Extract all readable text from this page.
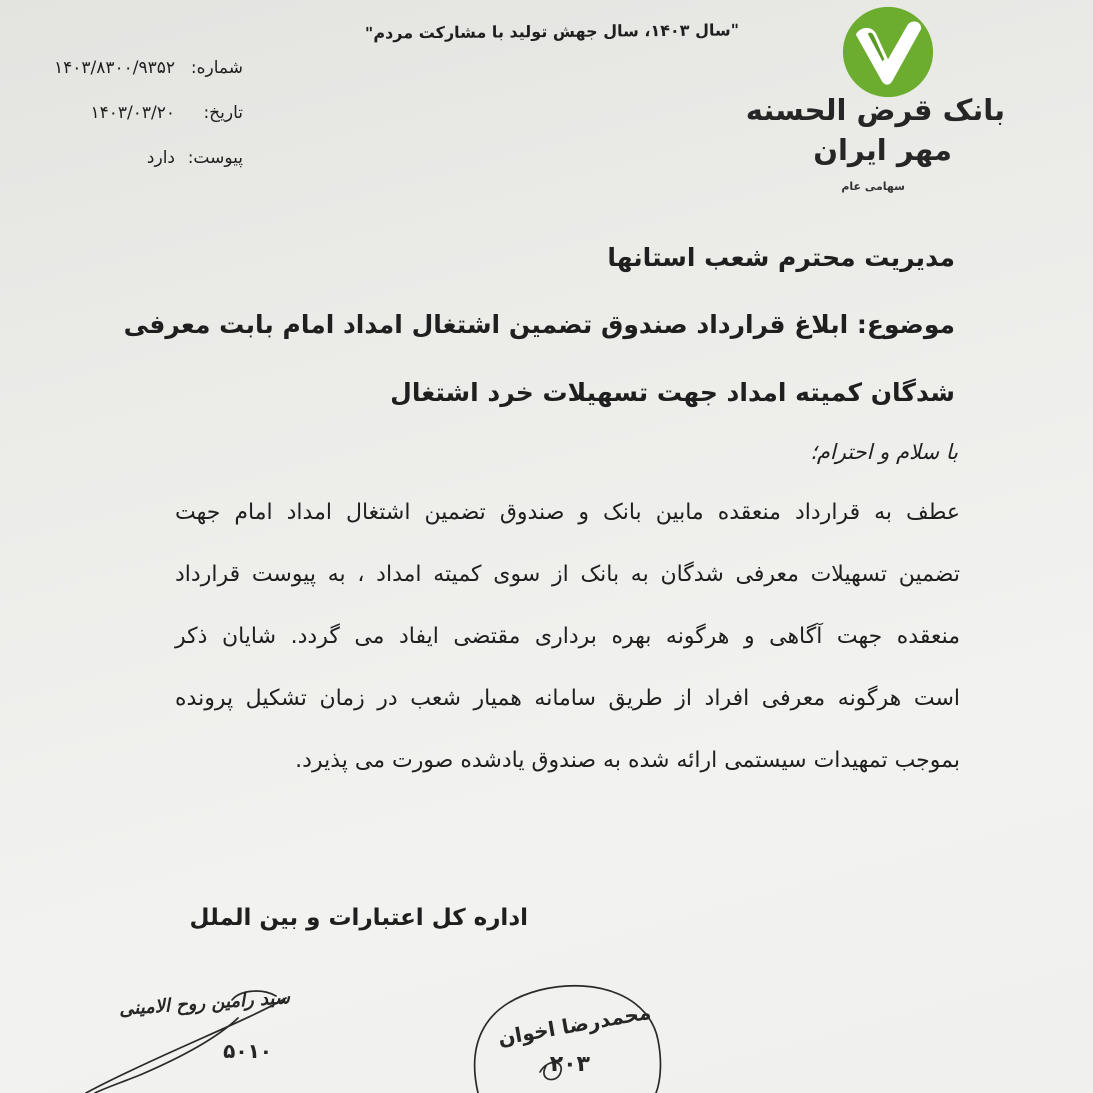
"سال ۱۴۰۳، سال جهش تولید با مشارکت مردم"
شماره:
۱۴۰۳/۸۳۰۰/۹۳۵۲
تاریخ:
۱۴۰۳/۰۳/۲۰
پیوست:
دارد
بانک قرض الحسنه
مهر ایران
سهامی عام
مدیریت محترم شعب استانها
موضوع: ابلاغ قرارداد صندوق تضمین اشتغال امداد امام بابت معرفی
شدگان کمیته امداد جهت تسهیلات خرد اشتغال
با سلام و احترام؛
عطف به قرارداد منعقده مابین بانک و صندوق تضمین اشتغال امداد امام جهت
تضمین تسهیلات معرفی شدگان به بانک از سوی کمیته امداد ، به پیوست قرارداد
منعقده جهت آگاهی و هرگونه بهره برداری مقتضی ایفاد می گردد. شایان ذکر
است هرگونه معرفی افراد از طریق سامانه همیار شعب در زمان تشکیل پرونده
بموجب تمهیدات سیستمی ارائه شده به صندوق یادشده صورت می پذیرد.
اداره کل اعتبارات و بین الملل
سید رامین روح الامینی
۵۰۱۰
محمدرضا اخوان
۲۰۳
